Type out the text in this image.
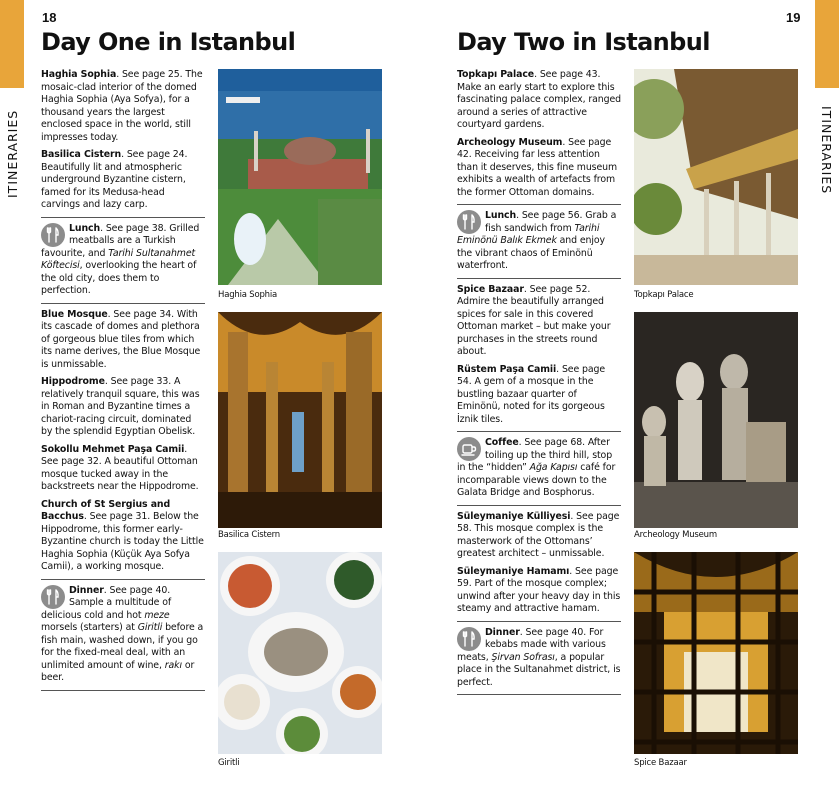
ITINERARIES
18
Day One in Istanbul
ITINERARIES
19
Day Two in Istanbul

Haghia Sophia. See page 25. The mosaic-clad interior of the domed Haghia Sophia (Aya Sofya), for a thousand years the largest enclosed space in the world, still impresses today.

Basilica Cistern. See page 24. Beautifully lit and atmospheric underground Byzantine cistern, famed for its Medusa-head carvings and lazy carp.

Lunch. See page 38. Grilled meatballs are a Turkish favourite, and Tarihi Sultanahmet Köftecisi, overlooking the heart of the old city, does them to perfection.

Blue Mosque. See page 34. With its cascade of domes and plethora of gorgeous blue tiles from which its name derives, the Blue Mosque is unmissable.

Hippodrome. See page 33. A relatively tranquil square, this was in Roman and Byzantine times a chariot-racing circuit, dominated by the splendid Egyptian Obelisk.

Sokollu Mehmet Paşa Camii. See page 32. A beautiful Ottoman mosque tucked away in the backstreets near the Hippodrome.

Church of St Sergius and Bacchus. See page 31. Below the Hippodrome, this former early-Byzantine church is today the Little Haghia Sophia (Küçük Aya Sofya Camii), a working mosque.

Dinner. See page 40. Sample a multitude of delicious cold and hot meze morsels (starters) at Giritli before a fish main, washed down, if you go for the fixed-meal deal, with an unlimited amount of wine, rakı or beer.

Haghia Sophia
Basilica Cistern
Giritli

Topkapı Palace. See page 43. Make an early start to explore this fascinating palace complex, ranged around a series of attractive courtyard gardens.

Archeology Museum. See page 42. Receiving far less attention than it deserves, this fine museum exhibits a wealth of artefacts from the former Ottoman domains.

Lunch. See page 56. Grab a fish sandwich from Tarihi Eminönü Balık Ekmek and enjoy the vibrant chaos of Eminönü waterfront.

Spice Bazaar. See page 52. Admire the beautifully arranged spices for sale in this covered Ottoman market – but make your purchases in the streets round about.

Rüstem Paşa Camii. See page 54. A gem of a mosque in the bustling bazaar quarter of Eminönü, noted for its gorgeous İznik tiles.

Coffee. See page 68. After toiling up the third hill, stop in the “hidden” Ağa Kapısı café for incomparable views down to the Galata Bridge and Bosphorus.

Süleymaniye Külliyesi. See page 58. This mosque complex is the masterwork of the Ottomans’ greatest architect – unmissable.

Süleymaniye Hamamı. See page 59. Part of the mosque complex; unwind after your heavy day in this steamy and attractive hamam.

Dinner. See page 40. For kebabs made with various meats, Şirvan Sofrası, a popular place in the Sultanahmet district, is perfect.

Topkapı Palace
Archeology Museum
Spice Bazaar
